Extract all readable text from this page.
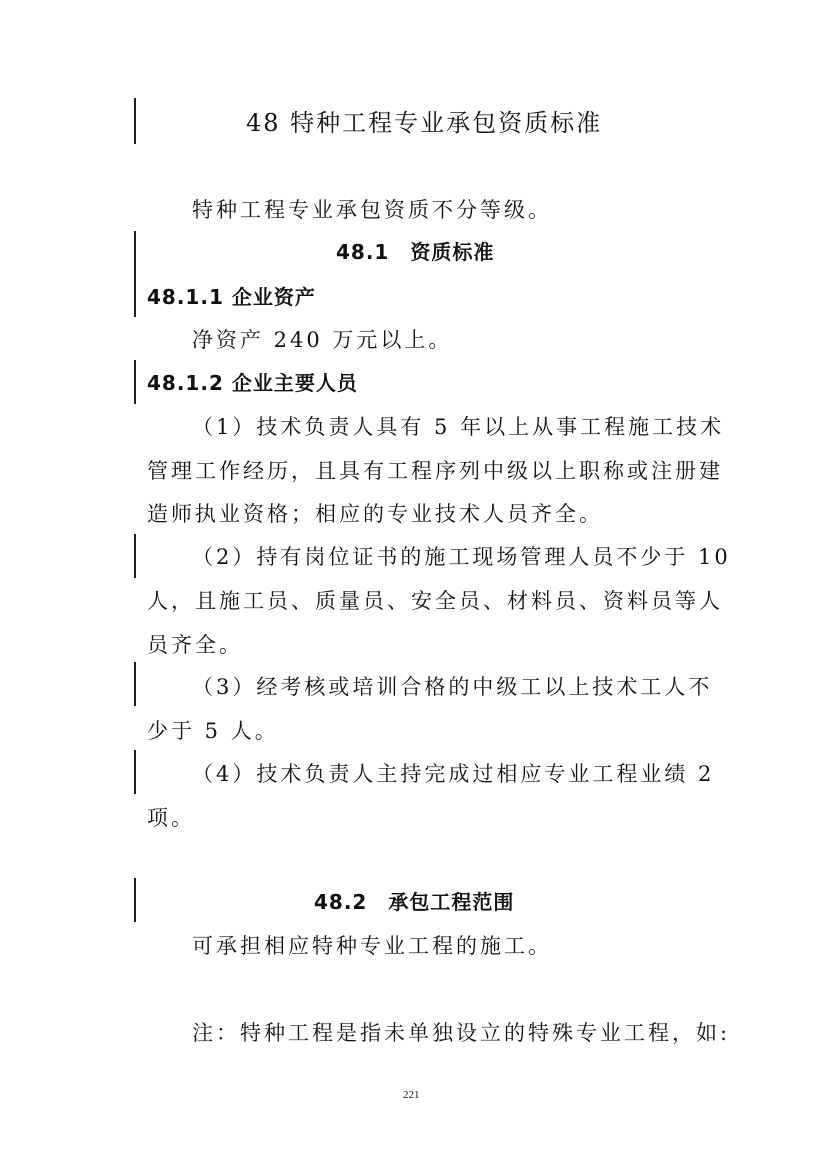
48 特种工程专业承包资质标准
特种工程专业承包资质不分等级。
48.1　资质标准
48.1.1 企业资产
净资产 240 万元以上。
48.1.2 企业主要人员
（1）技术负责人具有 5 年以上从事工程施工技术
管理工作经历，且具有工程序列中级以上职称或注册建
造师执业资格；相应的专业技术人员齐全。
（2）持有岗位证书的施工现场管理人员不少于 10
人，且施工员、质量员、安全员、材料员、资料员等人
员齐全。
（3）经考核或培训合格的中级工以上技术工人不
少于 5 人。
（4）技术负责人主持完成过相应专业工程业绩 2
项。
48.2　承包工程范围
可承担相应特种专业工程的施工。
注：特种工程是指未单独设立的特殊专业工程，如:
221
